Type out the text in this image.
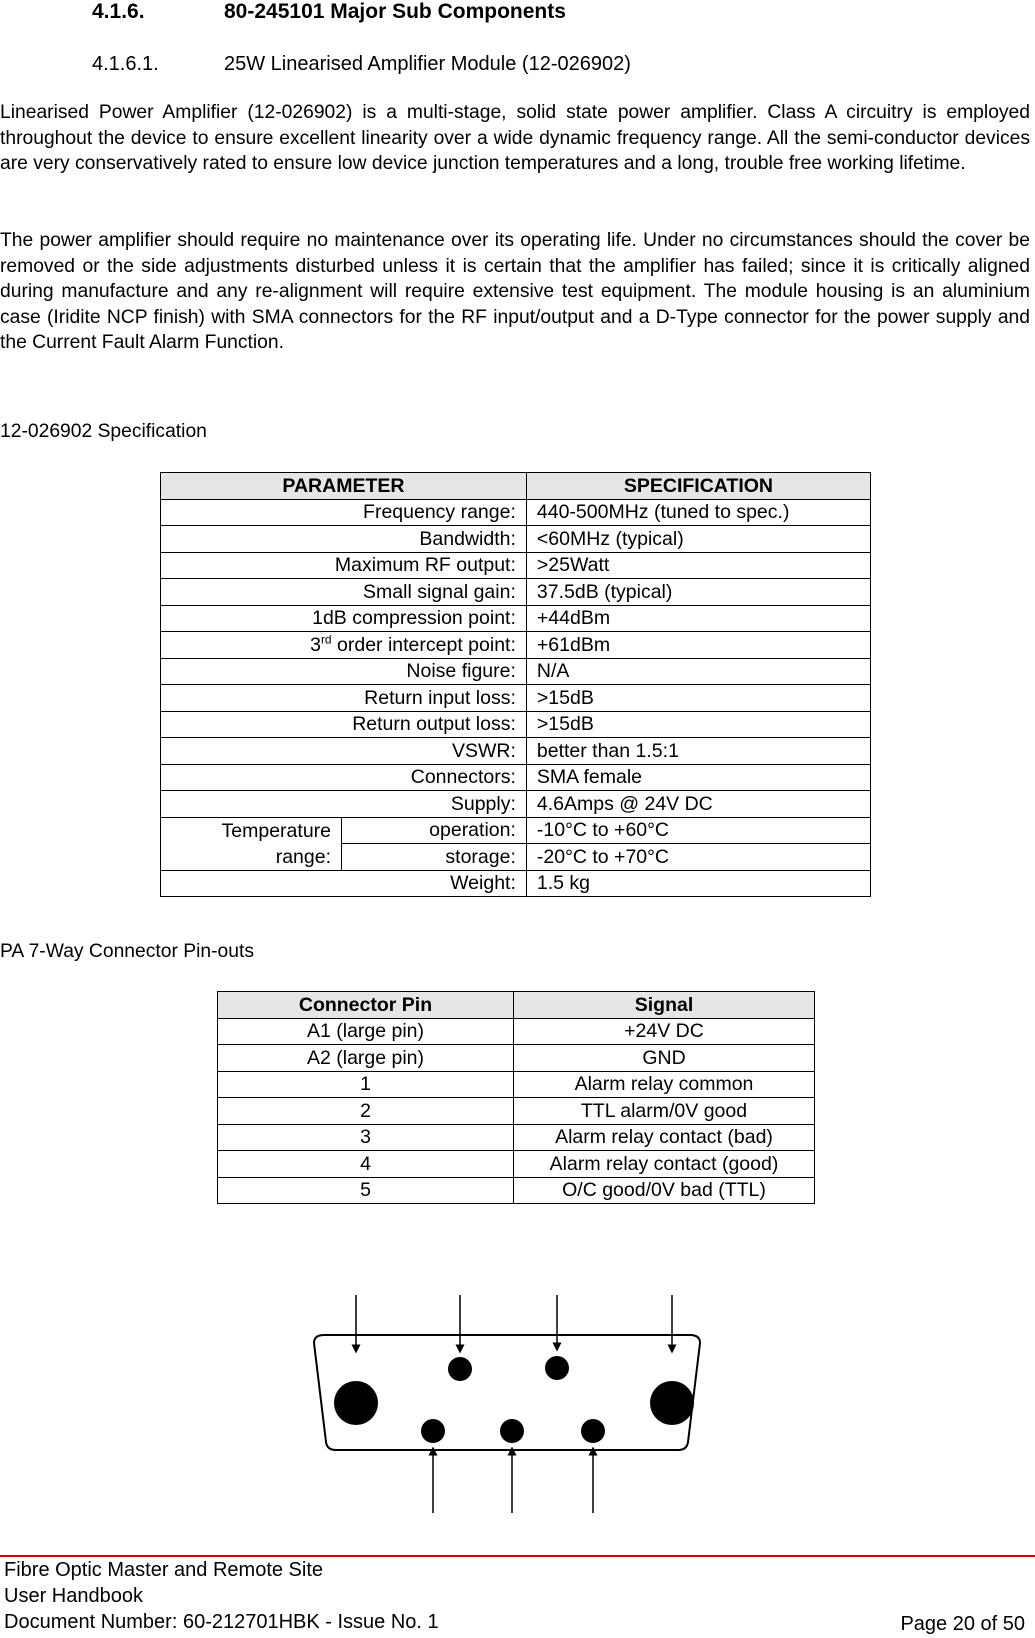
4.1.6.	80-245101 Major Sub Components
4.1.6.1.	25W Linearised Amplifier Module (12-026902)

Linearised Power Amplifier (12-026902) is a multi-stage, solid state power amplifier. Class A circuitry is employed throughout the device to ensure excellent linearity over a wide dynamic frequency range. All the semi-conductor devices are very conservatively rated to ensure low device junction temperatures and a long, trouble free working lifetime.

The power amplifier should require no maintenance over its operating life. Under no circumstances should the cover be removed or the side adjustments disturbed unless it is certain that the amplifier has failed; since it is critically aligned during manufacture and any re-alignment will require extensive test equipment. The module housing is an aluminium case (Iridite NCP finish) with SMA connectors for the RF input/output and a D-Type connector for the power supply and the Current Fault Alarm Function.

12-026902 Specification
PARAMETER		SPECIFICATION
Frequency range:		440-500MHz (tuned to spec.)
Bandwidth:		<60MHz (typical)
Maximum RF output:		>25Watt
Small signal gain:		37.5dB (typical)
1dB compression point:		+44dBm
3rd order intercept point:		+61dBm
Noise figure:		N/A
Return input loss:		>15dB
Return output loss:		>15dB
VSWR:		better than 1.5:1
Connectors:		SMA female
Supply:		4.6Amps @ 24V DC
Temperature
range:	operation:	-10°C to +60°C
	storage:	-20°C to +70°C
Weight:		1.5 kg
PA 7-Way Connector Pin-outs
Connector Pin	Signal
A1 (large pin)	+24V DC
A2 (large pin)	GND
1	Alarm relay common
2	TTL alarm/0V good
3	Alarm relay contact (bad)
4	Alarm relay contact (good)
5	O/C good/0V bad (TTL)
Fibre Optic Master and Remote Site
User Handbook
Document Number: 60-212701HBK - Issue No. 1	Page 20 of 50
